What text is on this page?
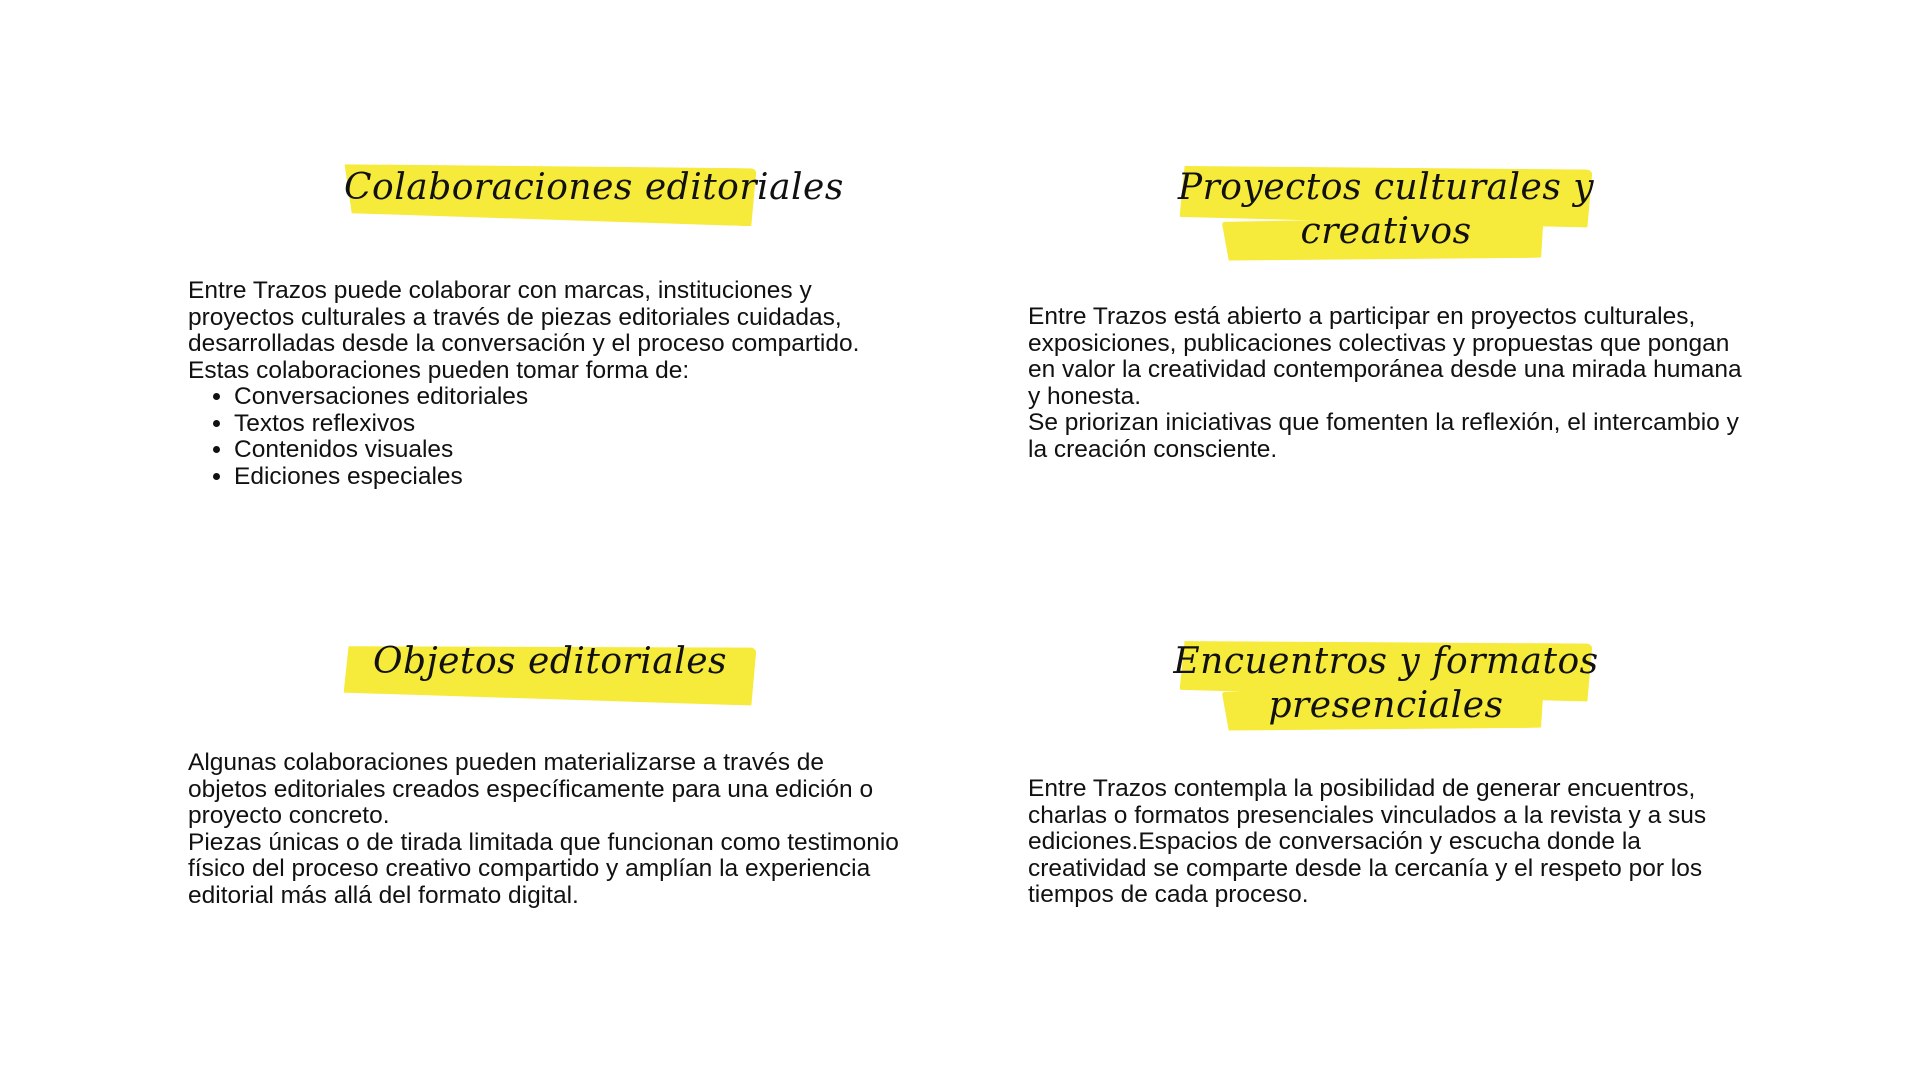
Colaboraciones editoriales

Entre Trazos puede colaborar con marcas, instituciones y proyectos culturales a través de piezas editoriales cuidadas, desarrolladas desde la conversación y el proceso compartido.

Estas colaboraciones pueden tomar forma de:

• Conversaciones editoriales
• Textos reflexivos
• Contenidos visuales
• Ediciones especiales
Proyectos culturales y
creativos

Entre Trazos está abierto a participar en proyectos culturales, exposiciones, publicaciones colectivas y propuestas que pongan en valor la creatividad contemporánea desde una mirada humana y honesta.

Se priorizan iniciativas que fomenten la reflexión, el intercambio y la creación consciente.

Objetos editoriales

Algunas colaboraciones pueden materializarse a través de objetos editoriales creados específicamente para una edición o proyecto concreto.

Piezas únicas o de tirada limitada que funcionan como testimonio físico del proceso creativo compartido y amplían la experiencia editorial más allá del formato digital.

Encuentros y formatos
presenciales

Entre Trazos contempla la posibilidad de generar encuentros, charlas o formatos presenciales vinculados a la revista y a sus ediciones.Espacios de conversación y escucha donde la creatividad se comparte desde la cercanía y el respeto por los tiempos de cada proceso.
